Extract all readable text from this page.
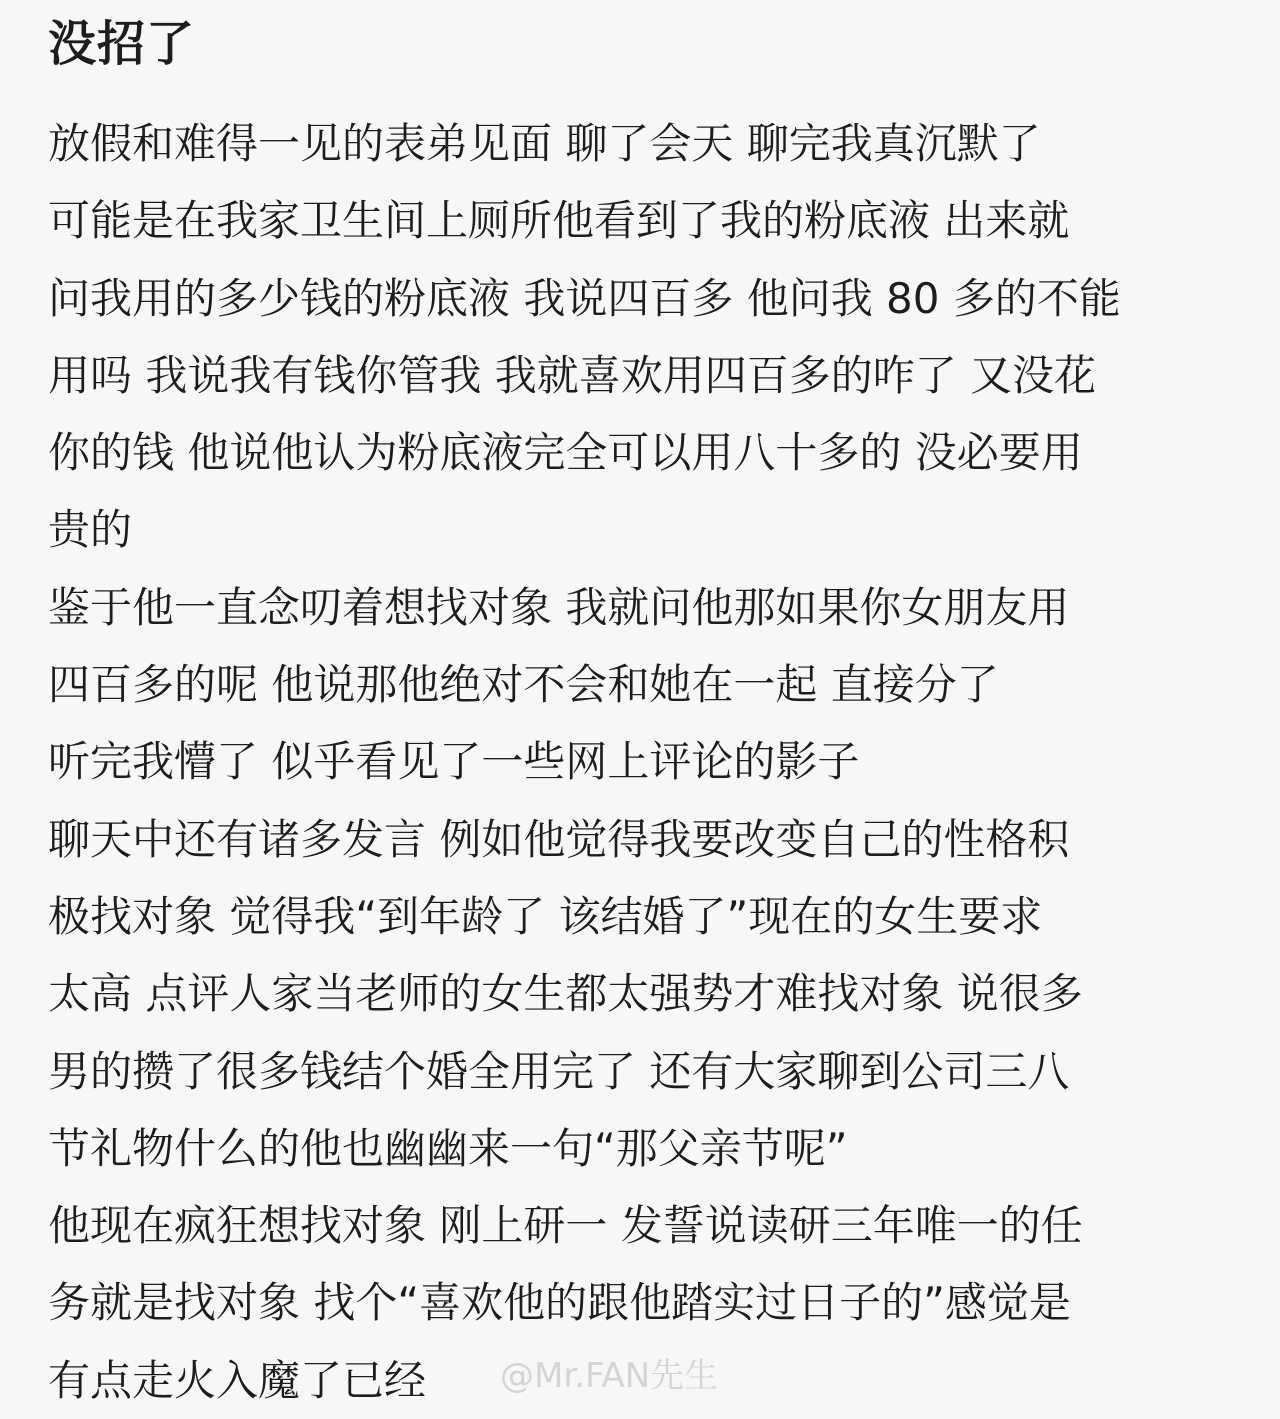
没招了
放假和难得一见的表弟见面 聊了会天 聊完我真沉默了
可能是在我家卫生间上厕所他看到了我的粉底液 出来就
问我用的多少钱的粉底液 我说四百多 他问我 80 多的不能
用吗 我说我有钱你管我 我就喜欢用四百多的咋了 又没花
你的钱 他说他认为粉底液完全可以用八十多的 没必要用
贵的
鉴于他一直念叨着想找对象 我就问他那如果你女朋友用
四百多的呢 他说那他绝对不会和她在一起 直接分了
听完我懵了 似乎看见了一些网上评论的影子
聊天中还有诸多发言 例如他觉得我要改变自己的性格积
极找对象 觉得我“到年龄了 该结婚了”现在的女生要求
太高 点评人家当老师的女生都太强势才难找对象 说很多
男的攒了很多钱结个婚全用完了 还有大家聊到公司三八
节礼物什么的他也幽幽来一句“那父亲节呢”
他现在疯狂想找对象 刚上研一 发誓说读研三年唯一的任
务就是找对象 找个“喜欢他的跟他踏实过日子的”感觉是
有点走火入魔了已经	@Mr.FAN先生
